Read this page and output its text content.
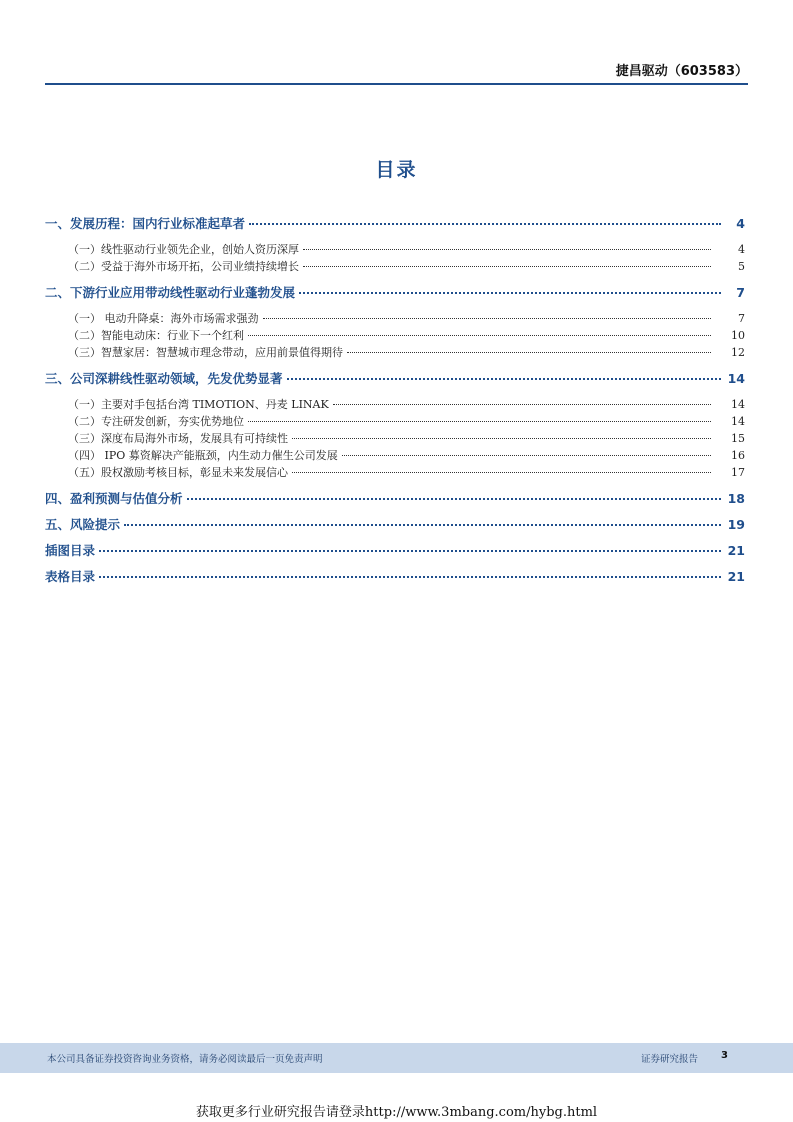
捷昌驱动（603583）
目录
一、发展历程：国内行业标准起草者	4
（一）线性驱动行业领先企业，创始人资历深厚	4
（二）受益于海外市场开拓，公司业绩持续增长	5
二、下游行业应用带动线性驱动行业蓬勃发展	7
（一） 电动升降桌：海外市场需求强劲	7
（二）智能电动床：行业下一个红利	10
（三）智慧家居：智慧城市理念带动，应用前景值得期待	12
三、公司深耕线性驱动领域，先发优势显著	14
（一）主要对手包括台湾 TIMOTION、丹麦 LINAK	14
（二）专注研发创新，夯实优势地位	14
（三）深度布局海外市场，发展具有可持续性	15
（四） IPO 募资解决产能瓶颈，内生动力催生公司发展	16
（五）股权激励考核目标，彰显未来发展信心	17
四、盈利预测与估值分析	18
五、风险提示	19
插图目录	21
表格目录	21
本公司具备证券投资咨询业务资格，请务必阅读最后一页免责声明	证券研究报告 3
获取更多行业研究报告请登录http://www.3mbang.com/hybg.html
